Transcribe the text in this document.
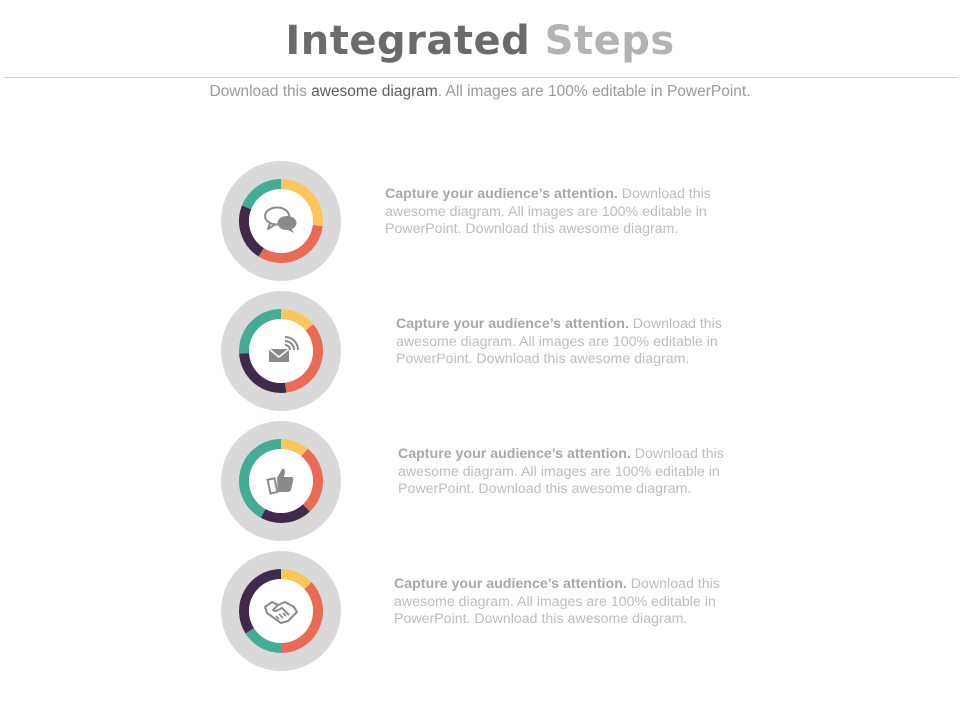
Integrated Steps
Download this awesome diagram. All images are 100% editable in PowerPoint.
Capture your audience’s attention. Download this awesome diagram. All images are 100% editable in PowerPoint. Download this awesome diagram.
Capture your audience’s attention. Download this awesome diagram. All images are 100% editable in PowerPoint. Download this awesome diagram.
Capture your audience’s attention. Download this awesome diagram. All images are 100% editable in PowerPoint. Download this awesome diagram.
Capture your audience’s attention. Download this awesome diagram. All images are 100% editable in PowerPoint. Download this awesome diagram.
